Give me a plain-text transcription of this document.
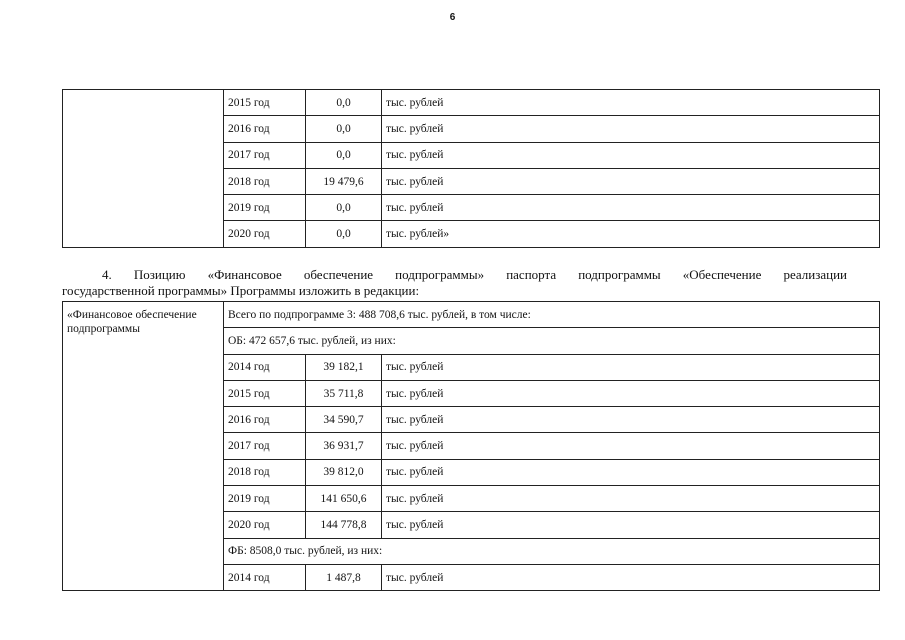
6
	2015 год	0,0	тыс. рублей
	2016 год	0,0	тыс. рублей
	2017 год	0,0	тыс. рублей
	2018 год	19 479,6	тыс. рублей
	2019 год	0,0	тыс. рублей
	2020 год	0,0	тыс. рублей»
4. Позицию «Финансовое обеспечение подпрограммы» паспорта подпрограммы «Обеспечение реализации
государственной программы» Программы изложить в редакции:
«Финансовое обеспечение подпрограммы	Всего по подпрограмме 3: 488 708,6 тыс. рублей, в том числе:		
	ОБ: 472 657,6 тыс. рублей, из них:		
	2014 год	39 182,1	тыс. рублей
	2015 год	35 711,8	тыс. рублей
	2016 год	34 590,7	тыс. рублей
	2017 год	36 931,7	тыс. рублей
	2018 год	39 812,0	тыс. рублей
	2019 год	141 650,6	тыс. рублей
	2020 год	144 778,8	тыс. рублей
	ФБ: 8508,0 тыс. рублей, из них:		
	2014 год	1 487,8	тыс. рублей
